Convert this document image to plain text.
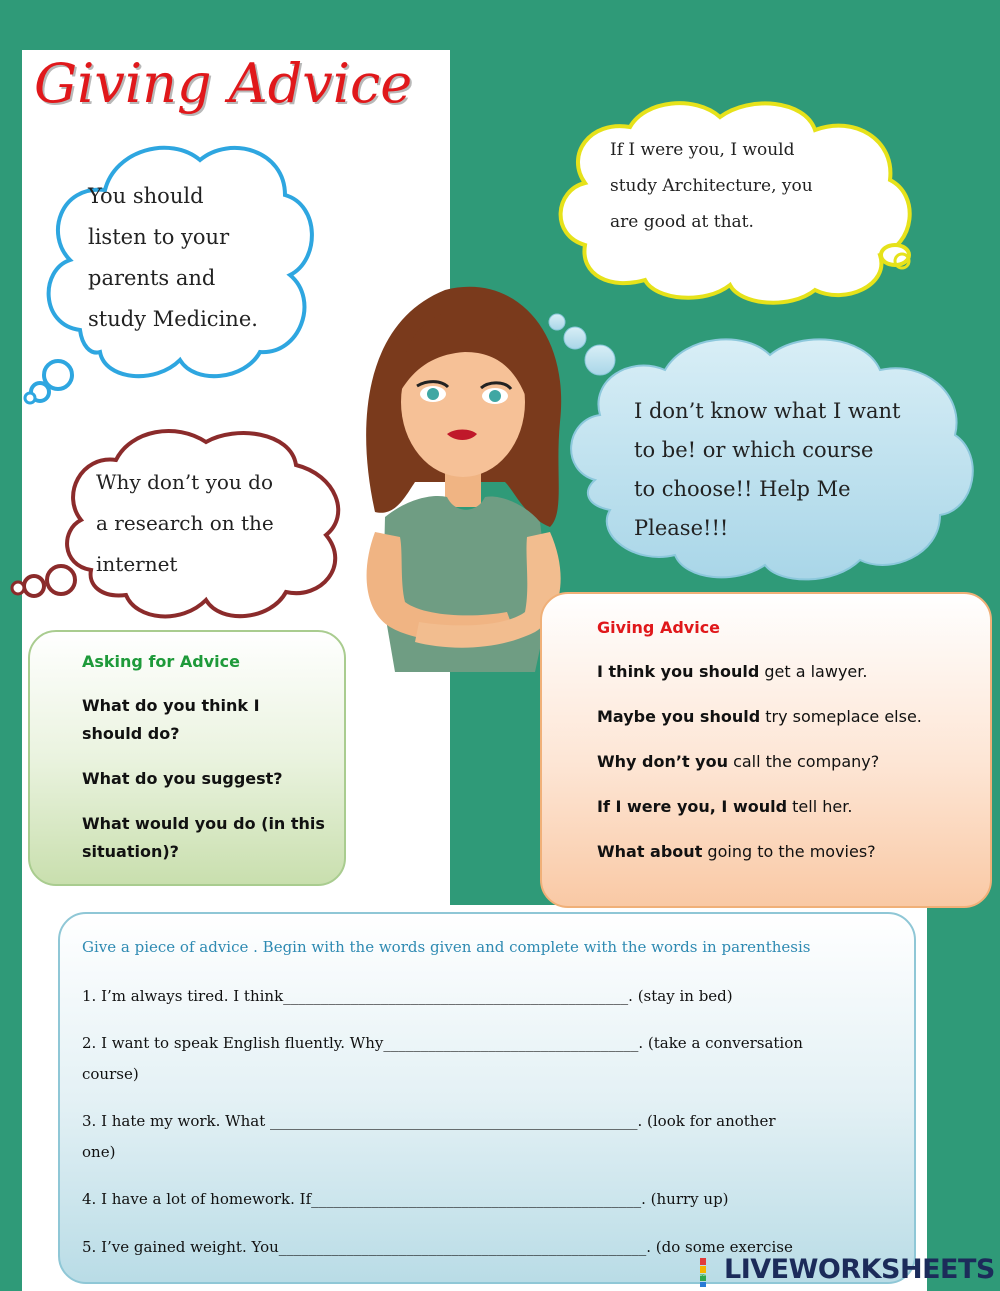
Giving Advice
You should
listen to your
parents and
study Medicine.
Why don’t you do
a research on the
internet
If I were you, I would
study Architecture, you
are good at that.
I don’t know what I want
to be! or which course
to choose!! Help Me
Please!!!
Asking for Advice
What do you think I
should do?
What do you suggest?
What would you do (in this
situation)?
Giving Advice
I think you should get a lawyer.
Maybe you should try someplace else.
Why don’t you call the company?
If I were you, I would tell her.
What about going to the movies?
Give a piece of advice . Begin with the words given and complete with the words in parenthesis
1. I’m always tired. I think______________________________________________. (stay in bed)
2. I want to speak English fluently. Why__________________________________. (take a conversation
course)
3. I hate my work. What _________________________________________________. (look for another
one)
4. I have a lot of homework. If____________________________________________. (hurry up)
5. I’ve gained weight. You_________________________________________________. (do some exercise
LIVE LIVEWORKSHEETS
